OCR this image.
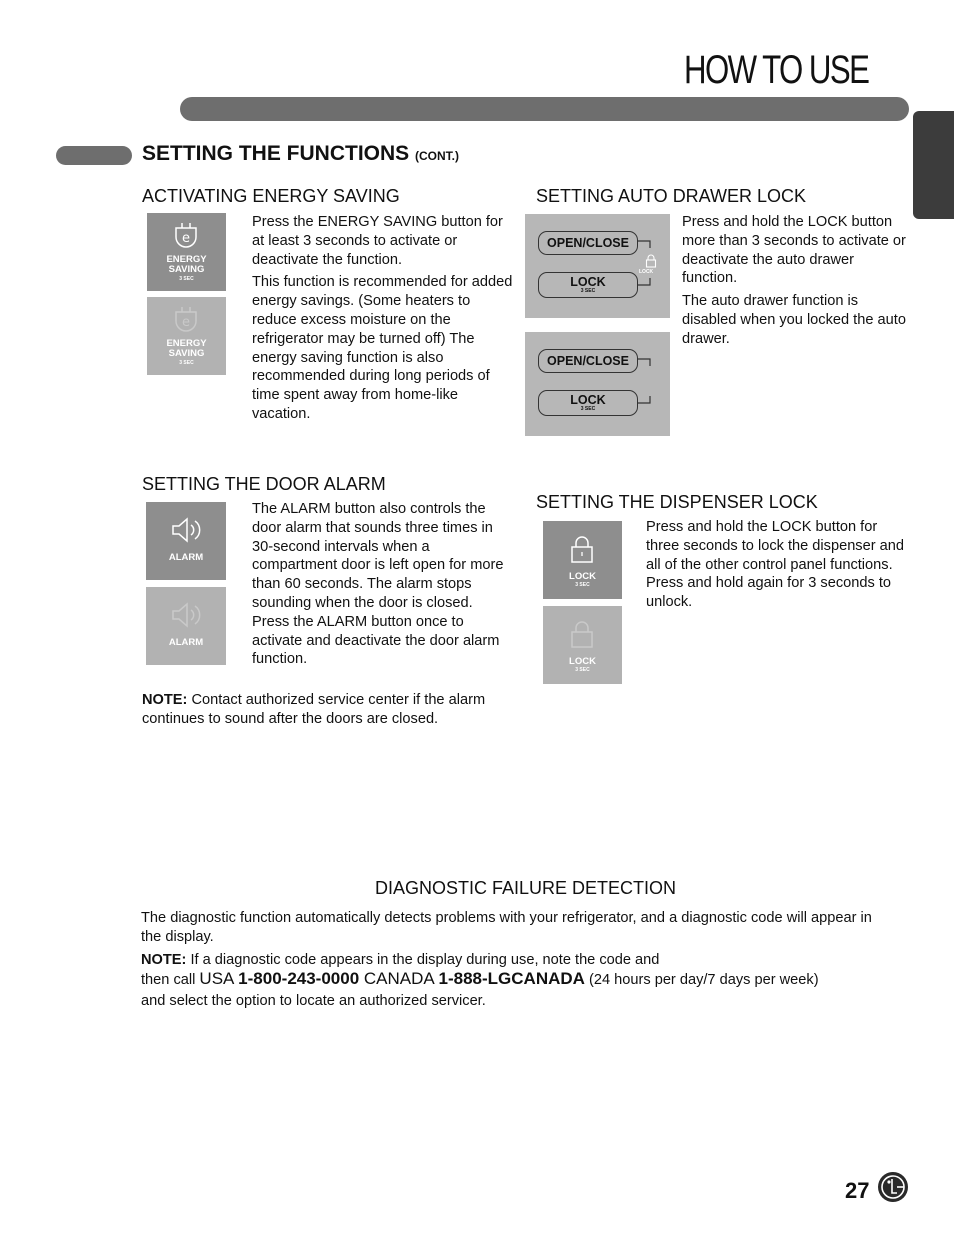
HOW TO USE
ENGLISH
SETTING THE FUNCTIONS (CONT.)
ACTIVATING ENERGY SAVING
e
ENERGY
SAVING
3 SEC
e
ENERGY
SAVING
3 SEC

Press the ENERGY SAVING button for at least 3 seconds to activate or deactivate the function.

This function is recommended for added energy savings. (Some heaters to reduce excess moisture on the refrigerator may be turned off) The energy saving function is also recommended during long periods of time spent away from home-like vacation.

SETTING AUTO DRAWER LOCK
OPEN/CLOSE
LOCK
3 SEC
LOCK
OPEN/CLOSE
LOCK
3 SEC

Press and hold the LOCK button more than 3 seconds to activate or deactivate the auto drawer function.

The auto drawer function is disabled when you locked the auto drawer.

SETTING THE DOOR ALARM
ALARM
ALARM

The ALARM button also controls the door alarm that sounds three times in 30-second intervals when a compartment door is left open for more than 60 seconds. The alarm stops sounding when the door is closed.

Press the ALARM button once to activate and deactivate the door alarm function.

NOTE: Contact authorized service center if the alarm continues to sound after the doors are closed.
SETTING THE DISPENSER LOCK
LOCK
3 SEC
LOCK
3 SEC

Press and hold the LOCK button for three seconds to lock the dispenser and all of the other control panel functions. Press and hold again for 3 seconds to unlock.

DIAGNOSTIC FAILURE DETECTION
The diagnostic function automatically detects problems with your refrigerator, and a diagnostic code will appear in the display.
NOTE: If a diagnostic code appears in the display during use, note the code and
then call USA 1-800-243-0000 CANADA 1-888-LGCANADA (24 hours per day/7 days per week)
and select the option to locate an authorized servicer.
27
